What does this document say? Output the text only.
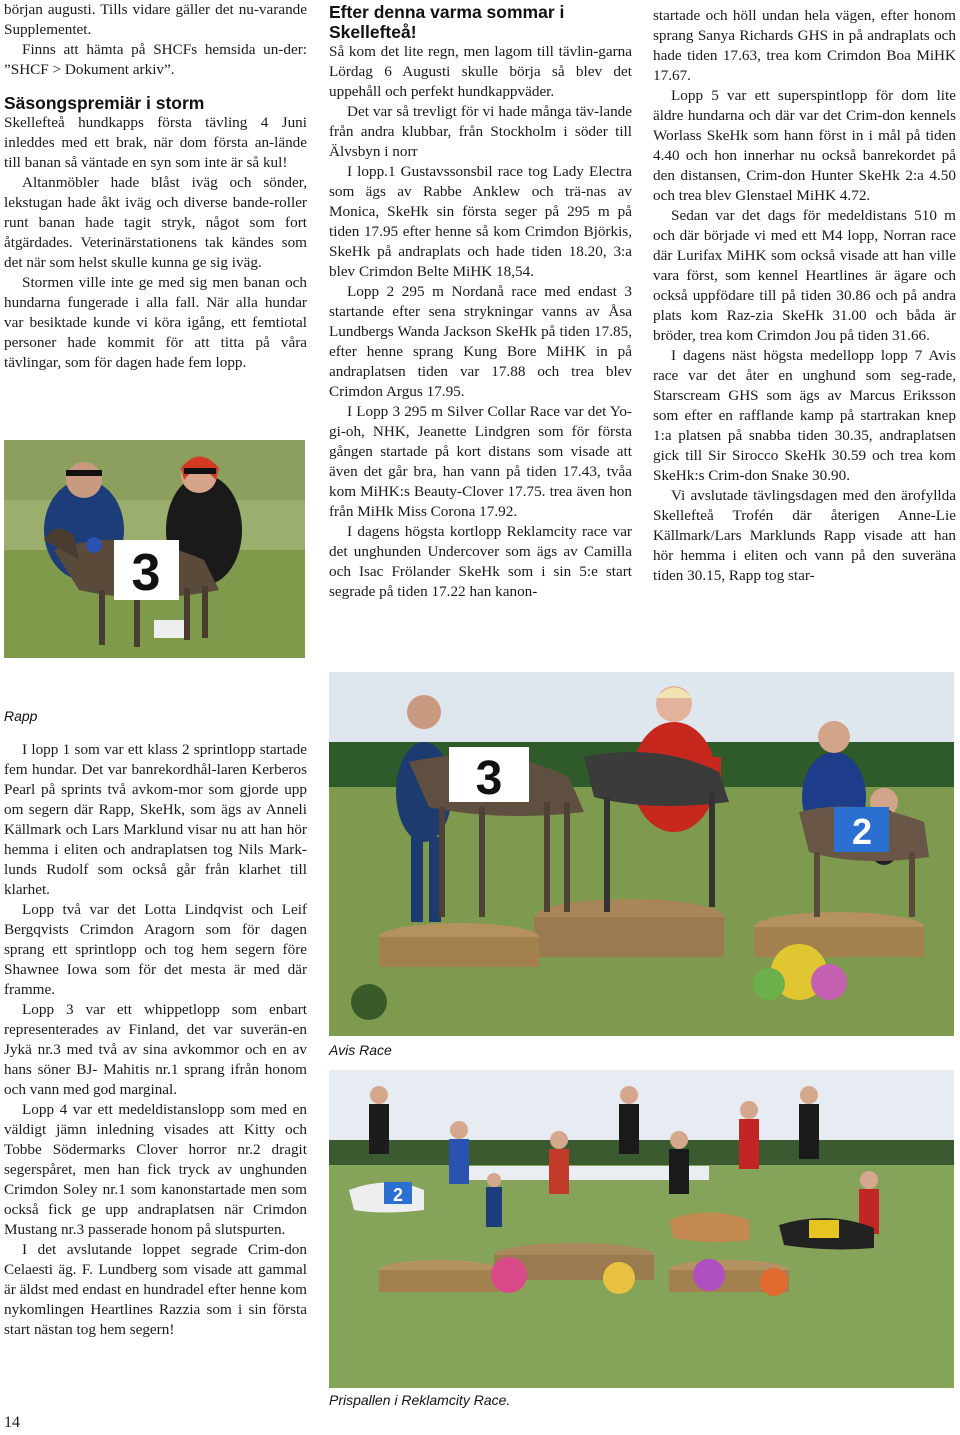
början augusti. Tills vidare gäller det nu-varande Supplementet.

Finns att hämta på SHCFs hemsida un-der: ”SHCF > Dokument arkiv”.

Säsongspremiär i storm

Skellefteå hundkapps första tävling 4 Juni inleddes med ett brak, när dom första an-lände till banan så väntade en syn som inte är så kul!

Altanmöbler hade blåst iväg och sönder, lekstugan hade åkt iväg och diverse bande-roller runt banan hade tagit stryk, något som fort åtgärdades. Veterinärstationens tak kändes som det när som helst skulle kunna ge sig iväg.

Stormen ville inte ge med sig men banan och hundarna fungerade i alla fall. När alla hundar var besiktade kunde vi köra igång, ett femtiotal personer hade kommit för att titta på våra tävlingar, som för dagen hade fem lopp.

3
Efter denna varma sommar i Skellefteå!

Så kom det lite regn, men lagom till tävlin-garna Lördag 6 Augusti skulle börja så blev det uppehåll och perfekt hundkappväder.

Det var så trevligt för vi hade många täv-lande från andra klubbar, från Stockholm i söder till Älvsbyn i norr

I lopp.1 Gustavssonsbil race tog Lady Electra som ägs av Rabbe Anklew och trä-nas av Monica, SkeHk sin första seger på 295 m på tiden 17.95 efter henne så kom Crimdon Björkis, SkeHk på andraplats och hade tiden 18.20, 3:a blev Crimdon Belte MiHK 18,54.

Lopp 2 295 m Nordanå race med endast 3 startande efter sena strykningar vanns av Åsa Lundbergs Wanda Jackson SkeHk på tiden 17.85, efter henne sprang Kung Bore MiHK in på andraplatsen tiden var 17.88 och trea blev Crimdon Argus 17.95.

I Lopp 3 295 m Silver Collar Race var det Yo-gi-oh, NHK, Jeanette Lindgren som för första gången startade på kort distans som visade att även det går bra, han vann på tiden 17.43, tvåa kom MiHK:s Beauty-Clover 17.75. trea även hon från MiHk Miss Corona 17.92.

I dagens högsta kortlopp Reklamcity race var det unghunden Undercover som ägs av Camilla och Isac Frölander SkeHk som i sin 5:e start segrade på tiden 17.22 han kanon-

startade och höll undan hela vägen, efter honom sprang Sanya Richards GHS in på andraplats och hade tiden 17.63, trea kom Crimdon Boa MiHK 17.67.

Lopp 5 var ett superspintlopp för dom lite äldre hundarna och där var det Crim-don kennels Worlass SkeHk som hann först in i mål på tiden 4.40 och hon innerhar nu också banrekordet på den distansen, Crim-don Hunter SkeHk 2:a 4.50 och trea blev Glenstael MiHK 4.72.

Sedan var det dags för medeldistans 510 m och där började vi med ett M4 lopp, Norran race där Lurifax MiHK som också visade att han ville vara först, som kennel Heartlines är ägare och också uppfödare till på tiden 30.86 och på andra plats kom Raz-zia SkeHk 31.00 och båda är bröder, trea kom Crimdon Jou på tiden 31.66.

I dagens näst högsta medellopp lopp 7 Avis race var det åter en unghund som seg-rade, Starscream GHS som ägs av Marcus Eriksson som efter en rafflande kamp på startrakan knep 1:a platsen på snabba tiden 30.35, andraplatsen gick till Sir Sirocco SkeHk 30.59 och trea kom SkeHk:s Crim-don Snake 30.90.

Vi avslutade tävlingsdagen med den ärofyllda Skellefteå Trofén där återigen Anne-Lie Källmark/Lars Marklunds Rapp visade att han hör hemma i eliten och vann på den suveräna tiden 30.15, Rapp tog star-

Rapp

I lopp 1 som var ett klass 2 sprintlopp startade fem hundar. Det var banrekordhål-laren Kerberos Pearl på sprints två avkom-mor som gjorde upp om segern där Rapp, SkeHk, som ägs av Anneli Källmark och Lars Marklund visar nu att han hör hemma i eliten och andraplatsen tog Nils Mark-lunds Rudolf som också går från klarhet till klarhet.

Lopp två var det Lotta Lindqvist och Leif Bergqvists Crimdon Aragorn som för dagen sprang ett sprintlopp och tog hem segern före Shawnee Iowa som för det mesta är med där framme.

Lopp 3 var ett whippetlopp som enbart representerades av Finland, det var suverän-en Jykä nr.3 med två av sina avkommor och en av hans söner BJ- Mahitis nr.1 sprang ifrån honom och vann med god marginal.

Lopp 4 var ett medeldistanslopp som med en väldigt jämn inledning visades att Kitty och Tobbe Södermarks Clover horror nr.2 dragit segerspåret, men han fick tryck av unghunden Crimdon Soley nr.1 som kanonstartade men som också fick ge upp andraplatsen när Crimdon Mustang nr.3 passerade honom på slutspurten.

I det avslutande loppet segrade Crim-don Celaesti äg. F. Lundberg som visade att gammal är äldst med endast en hundradel efter henne kom nykomlingen Heartlines Razzia som i sin första start nästan tog hem segern!

3
2
Avis Race
2
Prispallen i Reklamcity Race.
14
